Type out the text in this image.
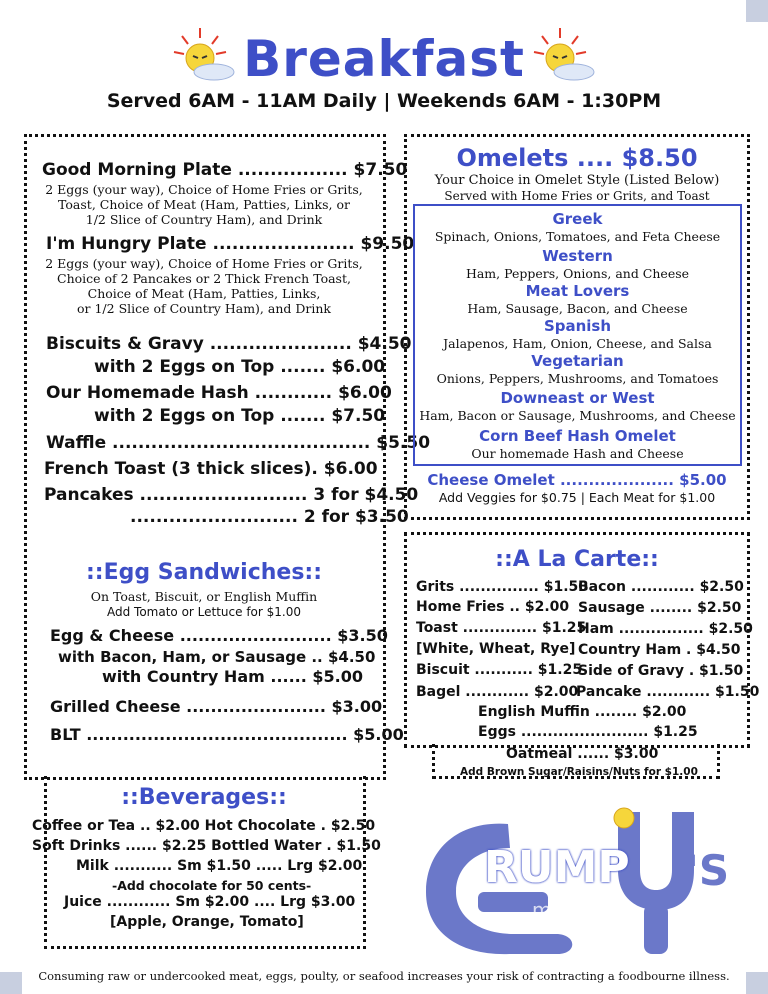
Breakfast
Served 6AM - 11AM Daily | Weekends 6AM - 1:30PM
Good Morning Plate ................. $7.50
2 Eggs (your way), Choice of Home Fries or Grits,
Toast, Choice of Meat (Ham, Patties, Links, or
1/2 Slice of Country Ham), and Drink
I'm Hungry Plate ...................... $9.50
2 Eggs (your way), Choice of Home Fries or Grits,
Choice of 2 Pancakes or 2 Thick French Toast,
Choice of Meat (Ham, Patties, Links,
or 1/2 Slice of Country Ham), and Drink
Biscuits & Gravy ...................... $4.50
with 2 Eggs on Top ....... $6.00
Our Homemade Hash ............ $6.00
with 2 Eggs on Top ....... $7.50
Waffle ........................................ $5.50
French Toast (3 thick slices). $6.00
Pancakes .......................... 3 for $4.50
.......................... 2 for $3.50
::Egg Sandwiches::
On Toast, Biscuit, or English Muffin
Add Tomato or Lettuce for $1.00
Egg & Cheese ......................... $3.50
with Bacon, Ham, or Sausage .. $4.50
with Country Ham ...... $5.00
Grilled Cheese ....................... $3.00
BLT ........................................... $5.00
::Beverages::
Coffee or Tea .. $2.00 Hot Chocolate . $2.50
Soft Drinks ...... $2.25 Bottled Water . $1.50
Milk ........... Sm $1.50 ..... Lrg $2.00
-Add chocolate for 50 cents-
Juice ............ Sm $2.00 .... Lrg $3.00
[Apple, Orange, Tomato]
Omelets .... $8.50
Your Choice in Omelet Style (Listed Below)
Served with Home Fries or Grits, and Toast
Greek
Spinach, Onions, Tomatoes, and Feta Cheese
Western
Ham, Peppers, Onions, and Cheese
Meat Lovers
Ham, Sausage, Bacon, and Cheese
Spanish
Jalapenos, Ham, Onion, Cheese, and Salsa
Vegetarian
Onions, Peppers, Mushrooms, and Tomatoes
Downeast or West
Ham, Bacon or Sausage, Mushrooms, and Cheese
Corn Beef Hash Omelet
Our homemade Hash and Cheese
Cheese Omelet .................... $5.00
Add Veggies for $0.75 | Each Meat for $1.00
::A La Carte::
Grits ............... $1.50
Home Fries .. $2.00
Toast .............. $1.25
[White, Wheat, Rye]
Biscuit ........... $1.25
Bagel ............ $2.00
Bacon ............ $2.50
Sausage ........ $2.50
Ham ................ $2.50
Country Ham . $4.50
Side of Gravy . $1.50
Pancake ............ $1.50
English Muffin ........ $2.00
Eggs ........................ $1.25
Oatmeal ...... $3.00
Add Brown Sugar/Raisins/Nuts for $1.00
RUMP 'S
menupix
Consuming raw or undercooked meat, eggs, poulty, or seafood increases your risk of contracting a foodbourne illness.
